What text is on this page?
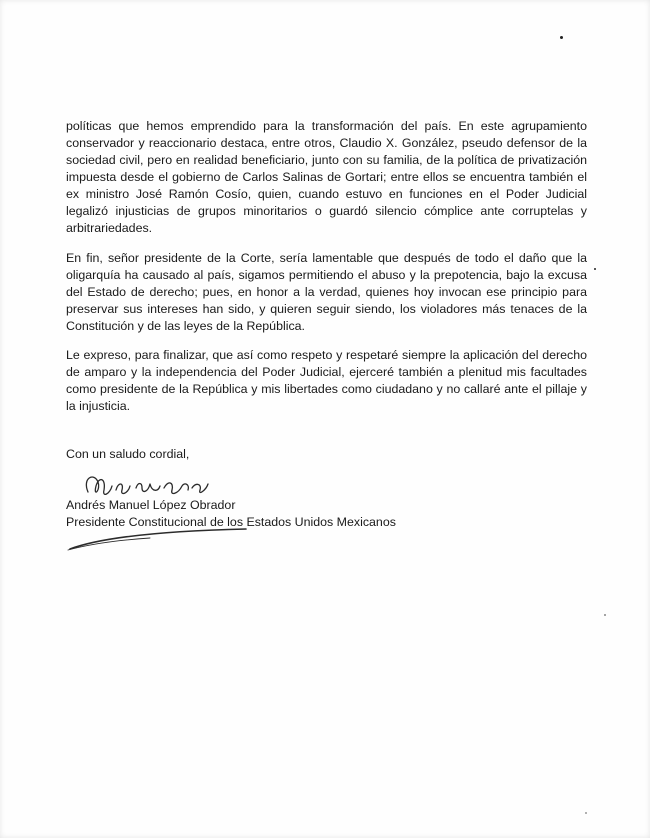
políticas que hemos emprendido para la transformación del país. En este agrupamiento conservador y reaccionario destaca, entre otros, Claudio X. González, pseudo defensor de la sociedad civil, pero en realidad beneficiario, junto con su familia, de la política de privatización impuesta desde el gobierno de Carlos Salinas de Gortari; entre ellos se encuentra también el ex ministro José Ramón Cosío, quien, cuando estuvo en funciones en el Poder Judicial legalizó injusticias de grupos minoritarios o guardó silencio cómplice ante corruptelas y arbitrariedades.

En fin, señor presidente de la Corte, sería lamentable que después de todo el daño que la oligarquía ha causado al país, sigamos permitiendo el abuso y la prepotencia, bajo la excusa del Estado de derecho; pues, en honor a la verdad, quienes hoy invocan ese principio para preservar sus intereses han sido, y quieren seguir siendo, los violadores más tenaces de la Constitución y de las leyes de la República.

Le expreso, para finalizar, que así como respeto y respetaré siempre la aplicación del derecho de amparo y la independencia del Poder Judicial, ejerceré también a plenitud mis facultades como presidente de la República y mis libertades como ciudadano y no callaré ante el pillaje y la injusticia.

Con un saludo cordial,

Andrés Manuel López Obrador

Presidente Constitucional de los Estados Unidos Mexicanos
